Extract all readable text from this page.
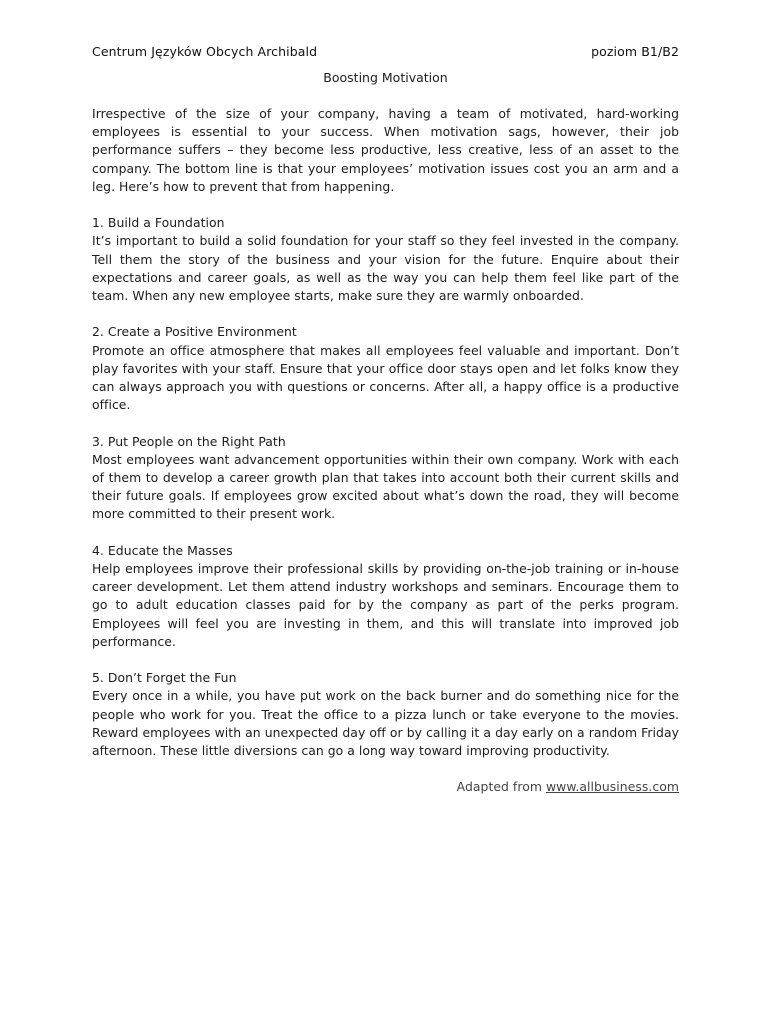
Centrum Języków Obcych Archibald	poziom B1/B2
Boosting Motivation

Irrespective of the size of your company, having a team of motivated, hard-working employees is essential to your success. When motivation sags, however, their job performance suffers – they become less productive, less creative, less of an asset to the company. The bottom line is that your employees’ motivation issues cost you an arm and a leg. Here’s how to prevent that from happening.

1. Build a Foundation
It’s important to build a solid foundation for your staff so they feel invested in the company. Tell them the story of the business and your vision for the future. Enquire about their expectations and career goals, as well as the way you can help them feel like part of the team. When any new employee starts, make sure they are warmly onboarded.
2. Create a Positive Environment
Promote an office atmosphere that makes all employees feel valuable and important. Don’t play favorites with your staff. Ensure that your office door stays open and let folks know they can always approach you with questions or concerns. After all, a happy office is a productive office.
3. Put People on the Right Path
Most employees want advancement opportunities within their own company. Work with each of them to develop a career growth plan that takes into account both their current skills and their future goals. If employees grow excited about what’s down the road, they will become more committed to their present work.
4. Educate the Masses
Help employees improve their professional skills by providing on-the-job training or in-house career development. Let them attend industry workshops and seminars. Encourage them to go to adult education classes paid for by the company as part of the perks program. Employees will feel you are investing in them, and this will translate into improved job performance.
5. Don’t Forget the Fun
Every once in a while, you have put work on the back burner and do something nice for the people who work for you. Treat the office to a pizza lunch or take everyone to the movies. Reward employees with an unexpected day off or by calling it a day early on a random Friday afternoon. These little diversions can go a long way toward improving productivity.
Adapted from www.allbusiness.com
